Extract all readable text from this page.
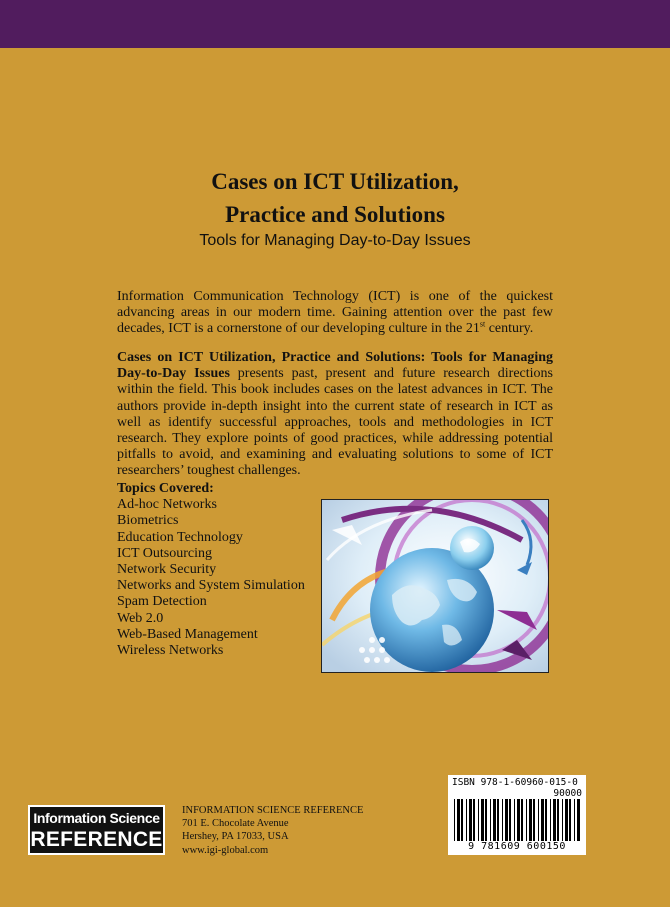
Cases on ICT Utilization,
Practice and Solutions
Tools for Managing Day-to-Day Issues

Information Communication Technology (ICT) is one of the quickest advancing areas in our modern time. Gaining attention over the past few decades, ICT is a cornerstone of our developing culture in the 21st century.

Cases on ICT Utilization, Practice and Solutions: Tools for Managing Day-to-Day Issues presents past, present and future research directions within the field. This book includes cases on the latest advances in ICT. The authors provide in-depth insight into the current state of research in ICT as well as identify successful approaches, tools and methodologies in ICT research. They explore points of good practices, while addressing potential pitfalls to avoid, and examining and evaluating solutions to some of ICT researchers’ toughest challenges.

Topics Covered:
Ad-hoc Networks
Biometrics
Education Technology
ICT Outsourcing
Network Security
Networks and System Simulation
Spam Detection
Web 2.0
Web-Based Management
Wireless Networks
Information Science
REFERENCE
INFORMATION SCIENCE REFERENCE
701 E. Chocolate Avenue
Hershey, PA 17033, USA
www.igi-global.com
ISBN 978-1-60960-015-0
90000
9 781609 600150
